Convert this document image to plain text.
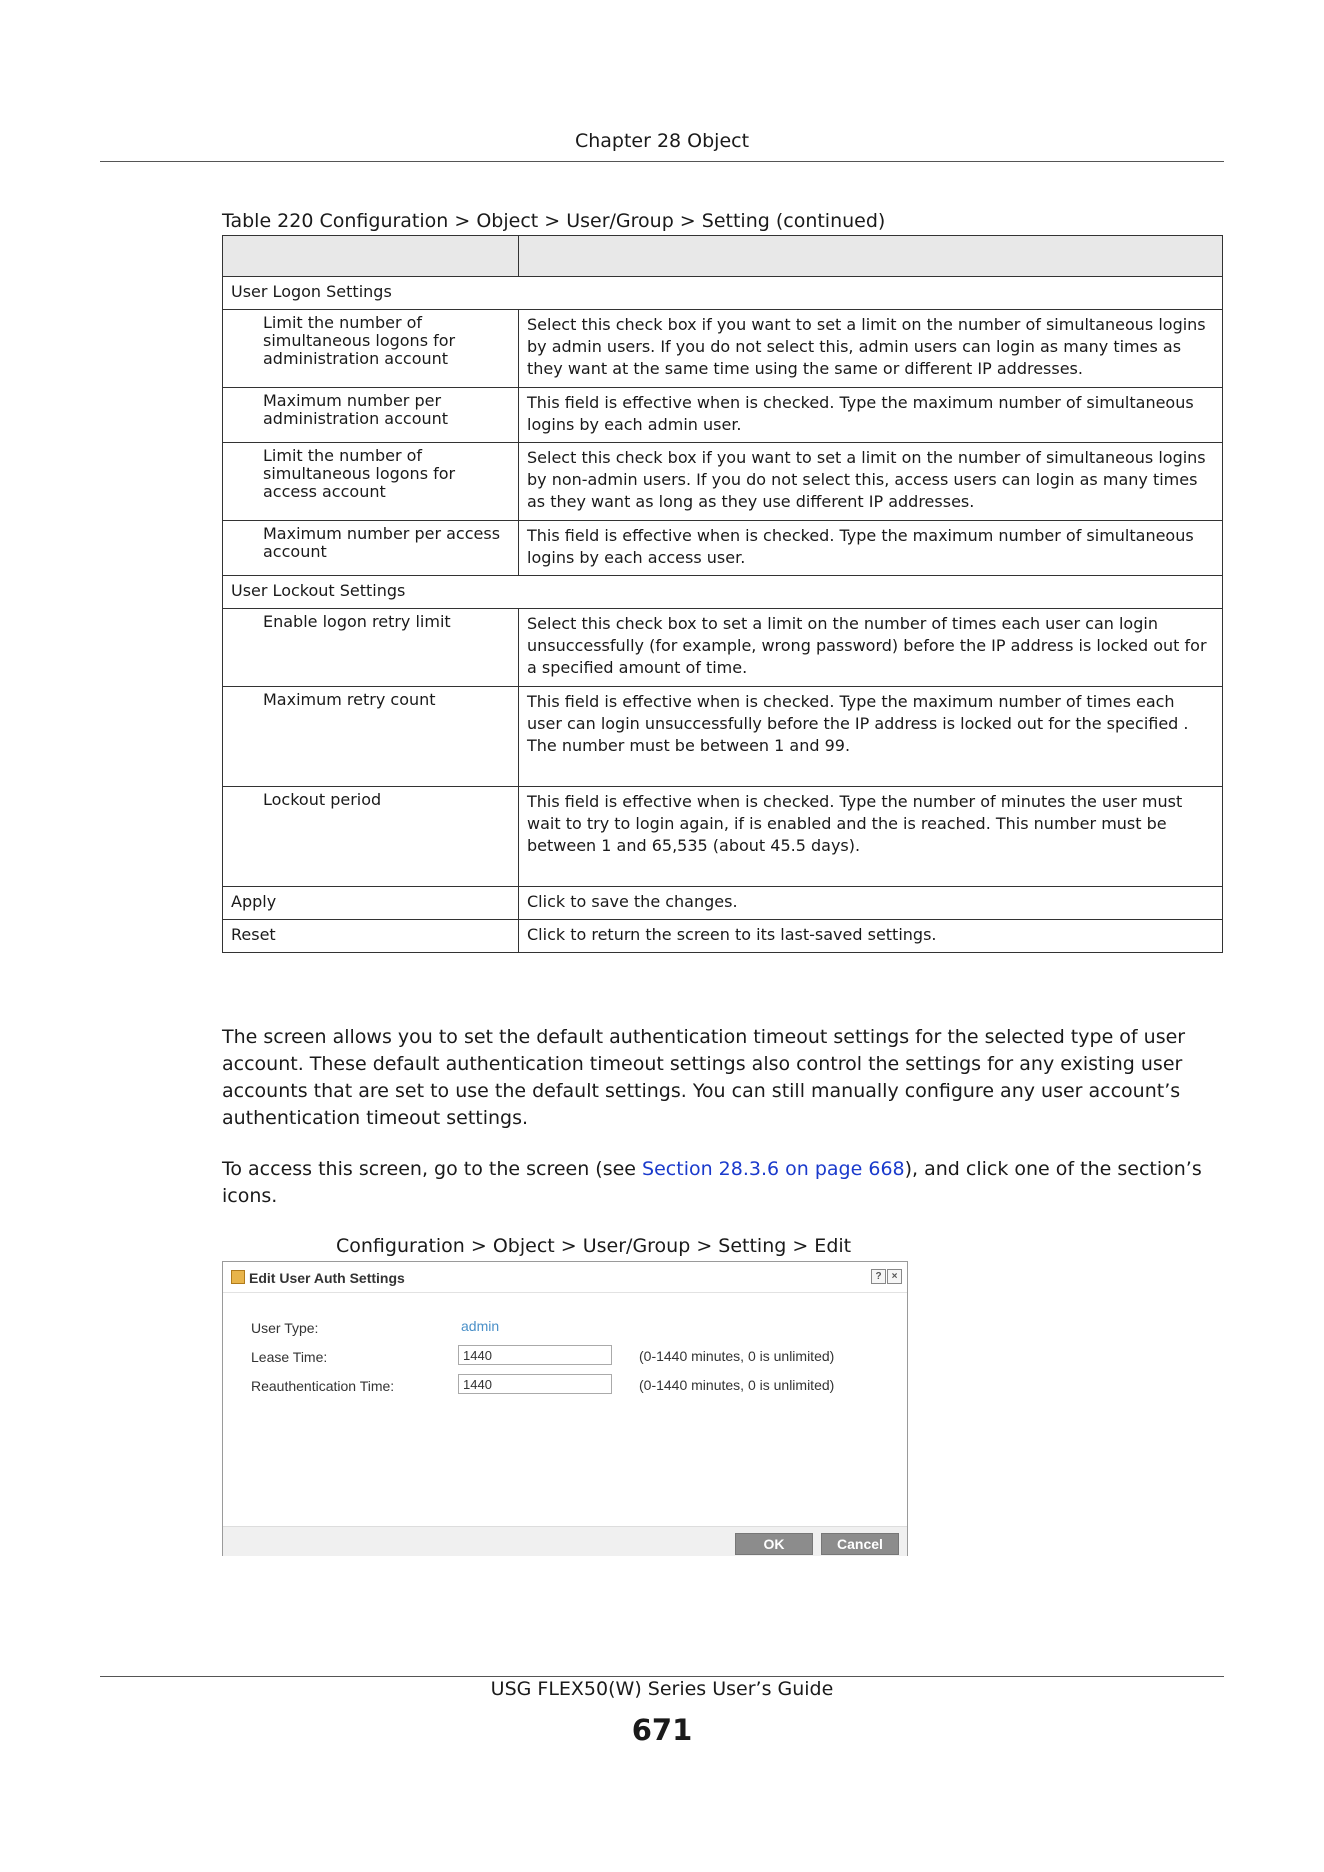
Chapter 28 Object
Table 220 Configuration > Object > User/Group > Setting (continued)

User Logon Settings	
Limit the number of simultaneous logons for administration account	Select this check box if you want to set a limit on the number of simultaneous logins by admin users. If you do not select this, admin users can login as many times as they want at the same time using the same or different IP addresses.
Maximum number per administration account	This field is effective when is checked. Type the maximum number of simultaneous logins by each admin user.
Limit the number of simultaneous logons for access account	Select this check box if you want to set a limit on the number of simultaneous logins by non-admin users. If you do not select this, access users can login as many times as they want as long as they use different IP addresses.
Maximum number per access account	This field is effective when is checked. Type the maximum number of simultaneous logins by each access user.
User Lockout Settings	
Enable logon retry limit	Select this check box to set a limit on the number of times each user can login unsuccessfully (for example, wrong password) before the IP address is locked out for a specified amount of time.
Maximum retry count	This field is effective when is checked. Type the maximum number of times each user can login unsuccessfully before the IP address is locked out for the specified . The number must be between 1 and 99.
Lockout period	This field is effective when is checked. Type the number of minutes the user must wait to try to login again, if is enabled and the is reached. This number must be between 1 and 65,535 (about 45.5 days).
Apply	Click to save the changes.
Reset	Click to return the screen to its last-saved settings.
The screen allows you to set the default authentication timeout settings for the selected type of user account. These default authentication timeout settings also control the settings for any existing user accounts that are set to use the default settings. You can still manually configure any user account’s authentication timeout settings.
To access this screen, go to the screen (see Section 28.3.6 on page 668), and click one of the section’s icons.
Configuration > Object > User/Group > Setting > Edit
Edit User Auth Settings	?	×
User Type:	admin
Lease Time:
1440	(0-1440 minutes, 0 is unlimited)
Reauthentication Time:
1440	(0-1440 minutes, 0 is unlimited)
OK	Cancel
USG FLEX50(W) Series User’s Guide
671
